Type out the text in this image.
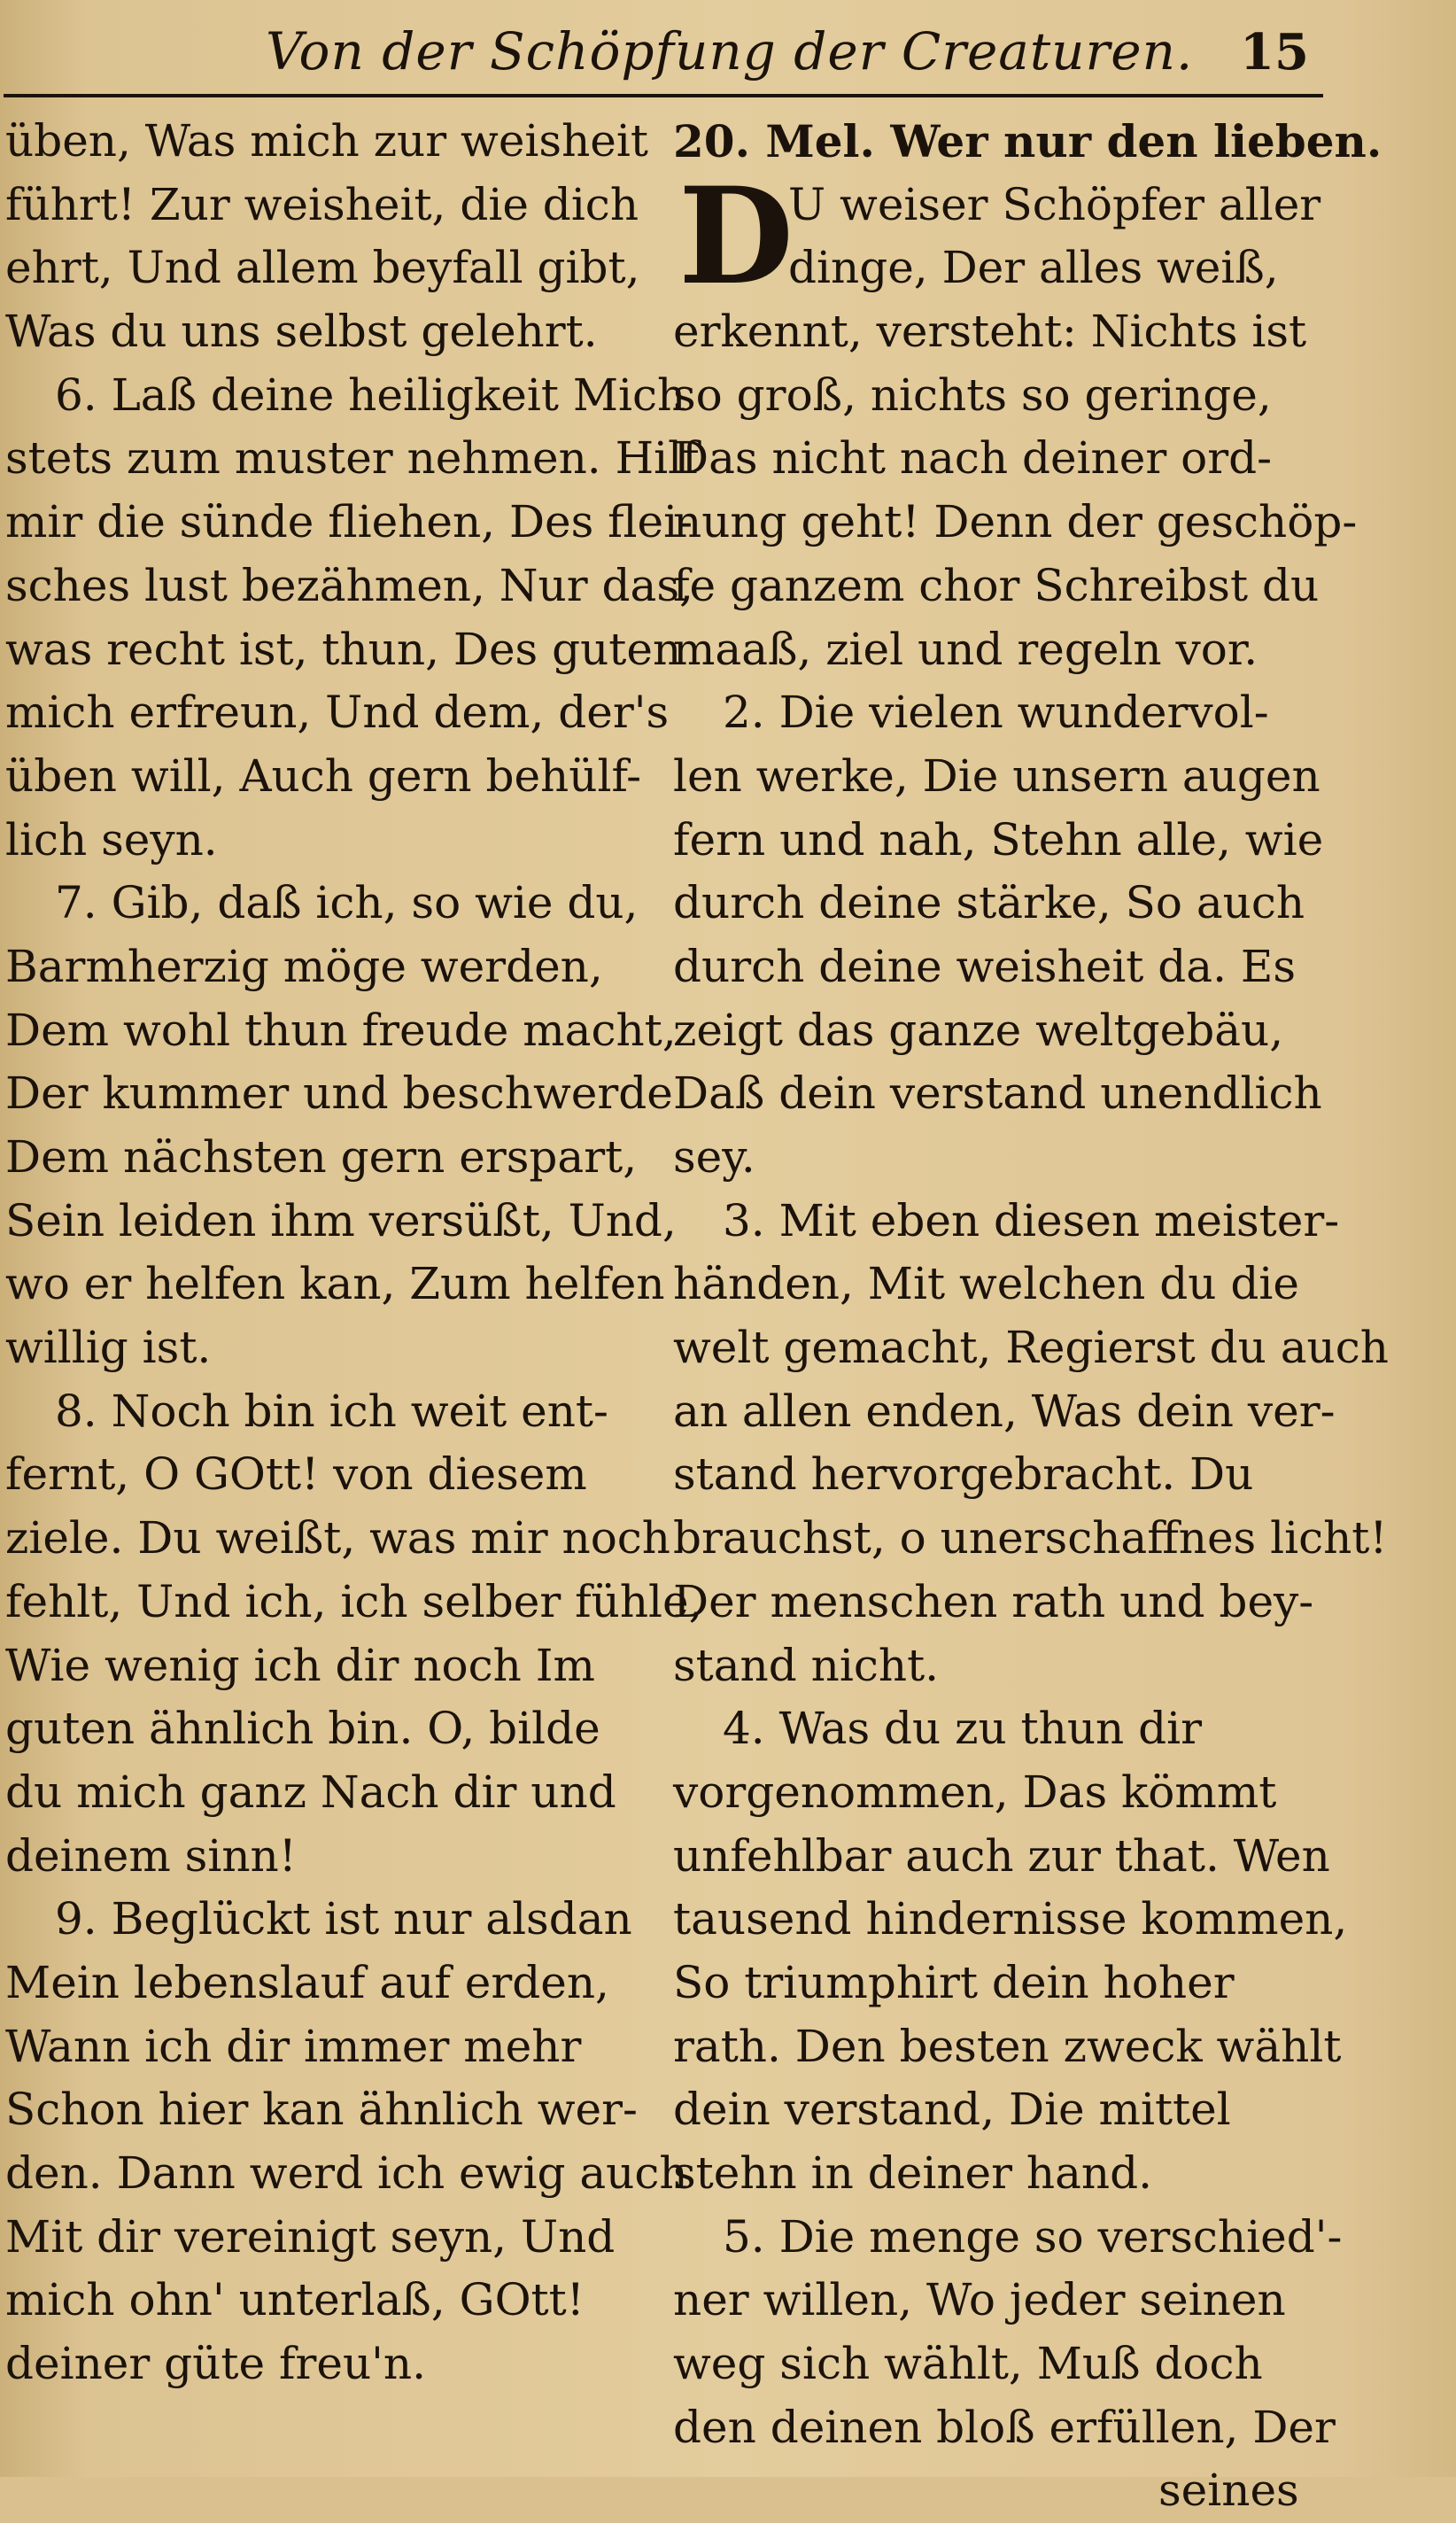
Von der Schöpfung der Creaturen. 15
üben, Was mich zur weisheit
führt! Zur weisheit, die dich
ehrt, Und allem beyfall gibt,
Was du uns selbst gelehrt.
6. Laß deine heiligkeit Mich
stets zum muster nehmen. Hilf
mir die sünde fliehen, Des flei-
sches lust bezähmen, Nur das,
was recht ist, thun, Des guten
mich erfreun, Und dem, der's
üben will, Auch gern behülf-
lich seyn.
7. Gib, daß ich, so wie du,
Barmherzig möge werden,
Dem wohl thun freude macht,
Der kummer und beschwerde
Dem nächsten gern erspart,
Sein leiden ihm versüßt, Und,
wo er helfen kan, Zum helfen
willig ist.
8. Noch bin ich weit ent-
fernt, O GOtt! von diesem
ziele. Du weißt, was mir noch
fehlt, Und ich, ich selber fühle,
Wie wenig ich dir noch Im
guten ähnlich bin. O, bilde
du mich ganz Nach dir und
deinem sinn!
9. Beglückt ist nur alsdan
Mein lebenslauf auf erden,
Wann ich dir immer mehr
Schon hier kan ähnlich wer-
den. Dann werd ich ewig auch
Mit dir vereinigt seyn, Und
mich ohn' unterlaß, GOtt!
deiner güte freu'n.
20. Mel. Wer nur den lieben.
D
U weiser Schöpfer aller
dinge, Der alles weiß,
erkennt, versteht: Nichts ist
so groß, nichts so geringe,
Das nicht nach deiner ord-
nung geht! Denn der geschöp-
fe ganzem chor Schreibst du
maaß, ziel und regeln vor.
2. Die vielen wundervol-
len werke, Die unsern augen
fern und nah, Stehn alle, wie
durch deine stärke, So auch
durch deine weisheit da. Es
zeigt das ganze weltgebäu,
Daß dein verstand unendlich
sey.
3. Mit eben diesen meister-
händen, Mit welchen du die
welt gemacht, Regierst du auch
an allen enden, Was dein ver-
stand hervorgebracht. Du
brauchst, o unerschaffnes licht!
Der menschen rath und bey-
stand nicht.
4. Was du zu thun dir
vorgenommen, Das kömmt
unfehlbar auch zur that. Wen
tausend hindernisse kommen,
So triumphirt dein hoher
rath. Den besten zweck wählt
dein verstand, Die mittel
stehn in deiner hand.
5. Die menge so verschied'-
ner willen, Wo jeder seinen
weg sich wählt, Muß doch
den deinen bloß erfüllen, Der
seines
